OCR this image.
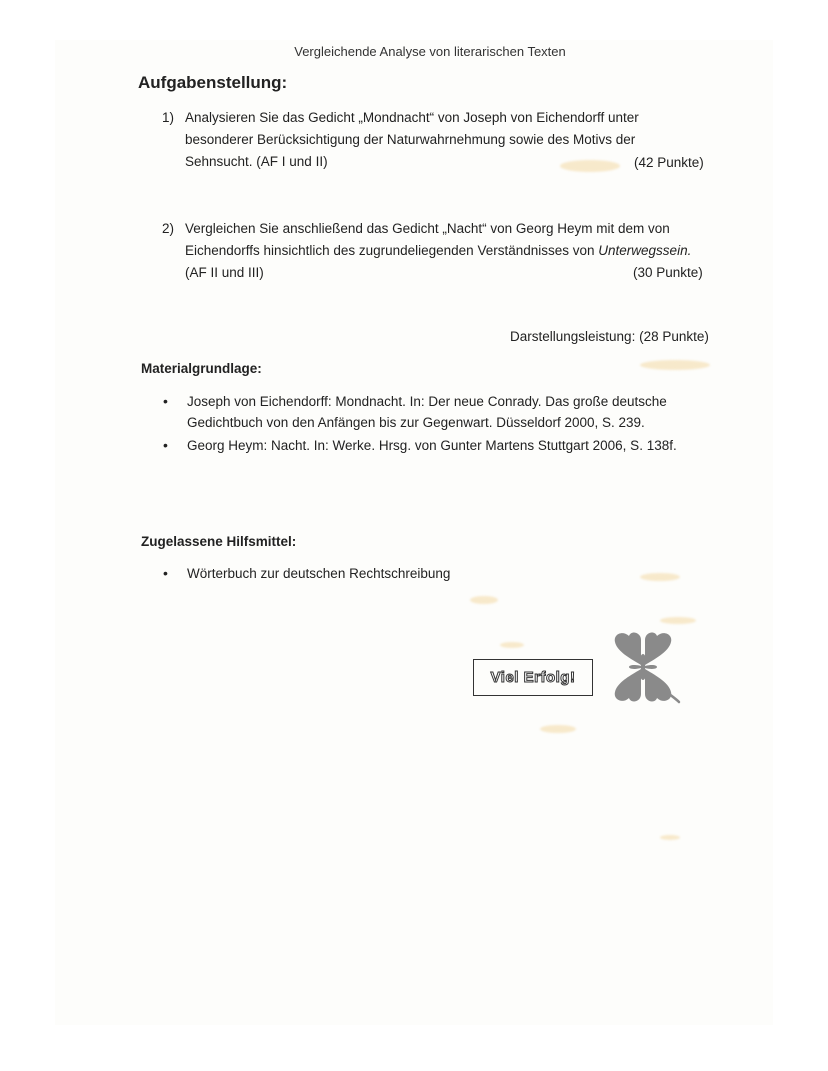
Vergleichende Analyse von literarischen Texten
Aufgabenstellung:
1) Analysieren Sie das Gedicht „Mondnacht“ von Joseph von Eichendorff unter
besonderer Berücksichtigung der Naturwahrnehmung sowie des Motivs der
Sehnsucht. (AF I und II)	(42 Punkte)
2) Vergleichen Sie anschließend das Gedicht „Nacht“ von Georg Heym mit dem von
Eichendorffs hinsichtlich des zugrundeliegenden Verständnisses von Unterwegssein.
(AF II und III)	(30 Punkte)
Darstellungsleistung: (28 Punkte)
Materialgrundlage:
• Joseph von Eichendorff: Mondnacht. In: Der neue Conrady. Das große deutsche
Gedichtbuch von den Anfängen bis zur Gegenwart. Düsseldorf 2000, S. 239.
• Georg Heym: Nacht. In: Werke. Hrsg. von Gunter Martens Stuttgart 2006, S. 138f.
Zugelassene Hilfsmittel:
• Wörterbuch zur deutschen Rechtschreibung
Viel Erfolg!
